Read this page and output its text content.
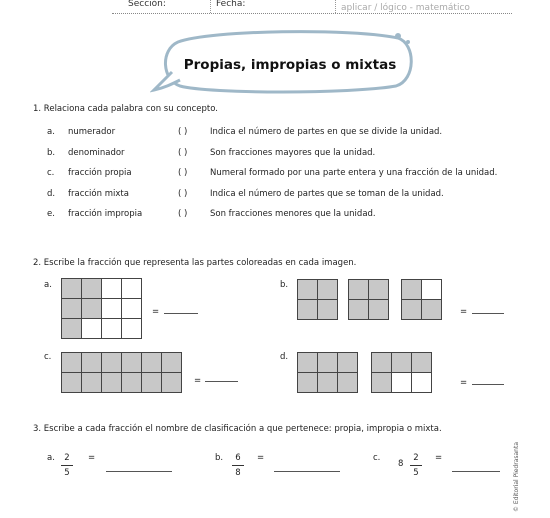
Sección:	Fecha:	aplicar / lógico - matemático
Propias, impropias o mixtas
1. Relaciona cada palabra con su concepto.
a. numerador	( )	Indica el número de partes en que se divide la unidad.
b. denominador	( )	Son fracciones mayores que la unidad.
c. fracción propia	( )	Numeral formado por una parte entera y una fracción de la unidad.
d. fracción mixta	( )	Indica el número de partes que se toman de la unidad.
e. fracción impropia	( )	Son fracciones menores que la unidad.
2. Escribe la fracción que representa las partes coloreadas en cada imagen.
a.
=
b.
=
c.
=
d.
=
3. Escribe a cada fracción el nombre de clasificación a que pertenece: propia, impropia o mixta.
a.	2
5
=	b.	6
8
=	c.
8
2
5
=	© Editorial Piedrasanta
